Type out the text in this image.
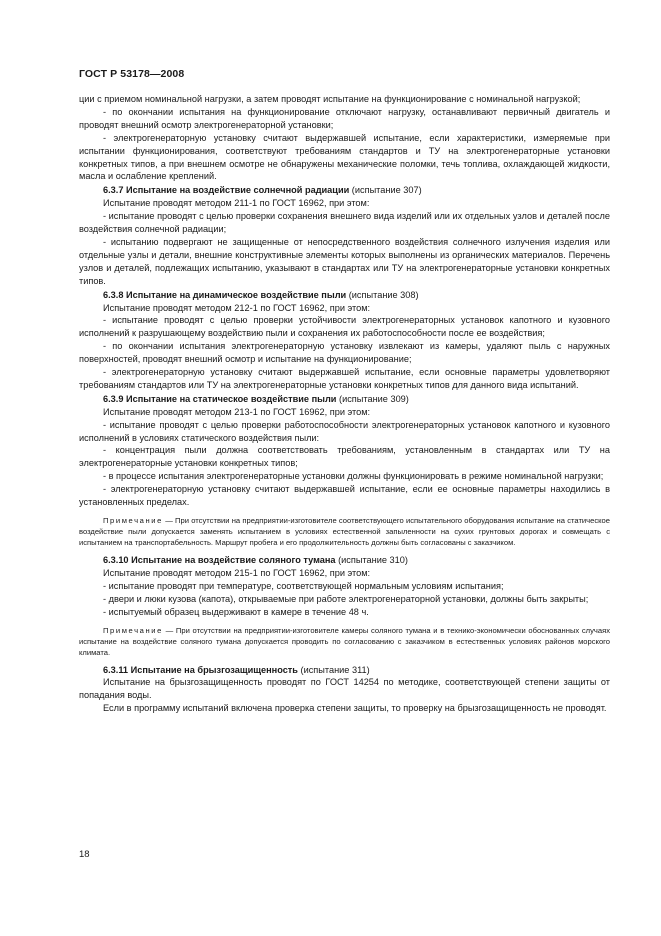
ГОСТ Р 53178—2008

ции с приемом номинальной нагрузки, а затем проводят испытание на функционирование с номинальной нагрузкой;

- по окончании испытания на функционирование отключают нагрузку, останавливают первичный двигатель и проводят внешний осмотр электрогенераторной установки;

- электрогенераторную установку считают выдержавшей испытание, если характеристики, измеряемые при испытании функционирования, соответствуют требованиям стандартов и ТУ на электрогенераторные установки конкретных типов, а при внешнем осмотре не обнаружены механические поломки, течь топлива, охлаждающей жидкости, масла и ослабление креплений.

6.3.7 Испытание на воздействие солнечной радиации (испытание 307)

Испытание проводят методом 211-1 по ГОСТ 16962, при этом:

- испытание проводят с целью проверки сохранения внешнего вида изделий или их отдельных узлов и деталей после воздействия солнечной радиации;

- испытанию подвергают не защищенные от непосредственного воздействия солнечного излучения изделия или отдельные узлы и детали, внешние конструктивные элементы которых выполнены из органических материалов. Перечень узлов и деталей, подлежащих испытанию, указывают в стандартах или ТУ на электрогенераторные установки конкретных типов.

6.3.8 Испытание на динамическое воздействие пыли (испытание 308)

Испытание проводят методом 212-1 по ГОСТ 16962, при этом:

- испытание проводят с целью проверки устойчивости электрогенераторных установок капотного и кузовного исполнений к разрушающему воздействию пыли и сохранения их работоспособности после ее воздействия;

- по окончании испытания электрогенераторную установку извлекают из камеры, удаляют пыль с наружных поверхностей, проводят внешний осмотр и испытание на функционирование;

- электрогенераторную установку считают выдержавшей испытание, если основные параметры удовлетворяют требованиям стандартов или ТУ на электрогенераторные установки конкретных типов для данного вида испытаний.

6.3.9 Испытание на статическое воздействие пыли (испытание 309)

Испытание проводят методом 213-1 по ГОСТ 16962, при этом:

- испытание проводят с целью проверки работоспособности электрогенераторных установок капотного и кузовного исполнений в условиях статического воздействия пыли:

- концентрация пыли должна соответствовать требованиям, установленным в стандартах или ТУ на электрогенераторные установки конкретных типов;

- в процессе испытания электрогенераторные установки должны функционировать в режиме номинальной нагрузки;

- электрогенераторную установку считают выдержавшей испытание, если ее основные параметры находились в установленных пределах.

Примечание — При отсутствии на предприятии-изготовителе соответствующего испытательного оборудования испытание на статическое воздействие пыли допускается заменять испытанием в условиях естественной запыленности на сухих грунтовых дорогах и совмещать с испытанием на транспортабельность. Маршрут пробега и его продолжительность должны быть согласованы с заказчиком.

6.3.10 Испытание на воздействие соляного тумана (испытание 310)

Испытание проводят методом 215-1 по ГОСТ 16962, при этом:

- испытание проводят при температуре, соответствующей нормальным условиям испытания;

- двери и люки кузова (капота), открываемые при работе электрогенераторной установки, должны быть закрыты;

- испытуемый образец выдерживают в камере в течение 48 ч.

Примечание — При отсутствии на предприятии-изготовителе камеры соляного тумана и в технико-экономически обоснованных случаях испытание на воздействие соляного тумана допускается проводить по согласованию с заказчиком в естественных условиях районов морского климата.

6.3.11 Испытание на брызгозащищенность (испытание 311)

Испытание на брызгозащищенность проводят по ГОСТ 14254 по методике, соответствующей степени защиты от попадания воды.

Если в программу испытаний включена проверка степени защиты, то проверку на брызгозащищенность не проводят.

18
